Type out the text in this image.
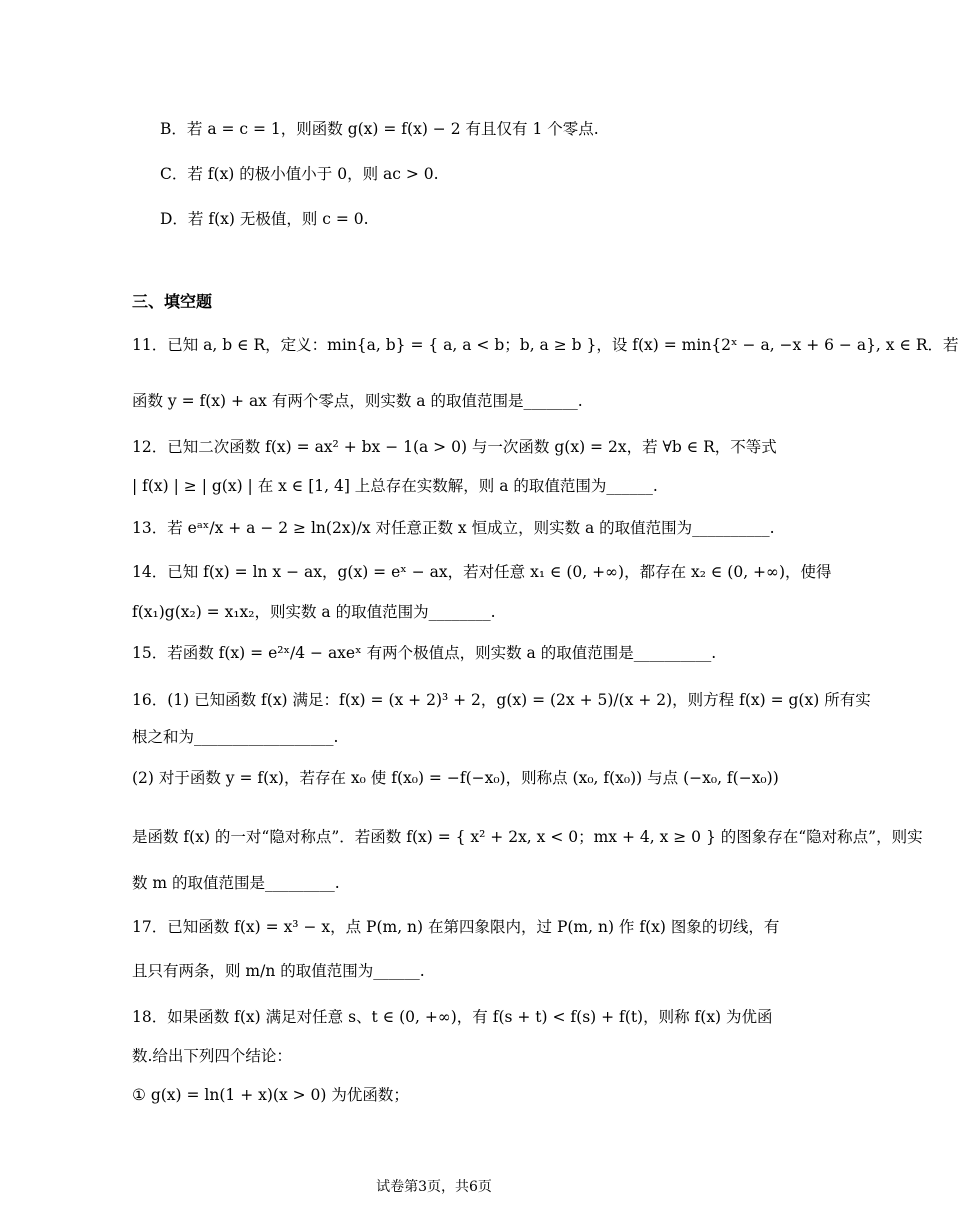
B．若 a = c = 1，则函数 g(x) = f(x) − 2 有且仅有 1 个零点.
C．若 f(x) 的极小值小于 0，则 ac > 0.
D．若 f(x) 无极值，则 c = 0.
三、填空题
11．已知 a, b ∈ R，定义：min{a, b} = { a, a < b；b, a ≥ b }，设 f(x) = min{2ˣ − a, −x + 6 − a}, x ∈ R．若
函数 y = f(x) + ax 有两个零点，则实数 a 的取值范围是_______.
12．已知二次函数 f(x) = ax² + bx − 1(a > 0) 与一次函数 g(x) = 2x，若 ∀b ∈ R，不等式
| f(x) | ≥ | g(x) | 在 x ∈ [1, 4] 上总存在实数解，则 a 的取值范围为______.
13．若 eᵃˣ/x + a − 2 ≥ ln(2x)/x 对任意正数 x 恒成立，则实数 a 的取值范围为__________.
14．已知 f(x) = ln x − ax，g(x) = eˣ − ax，若对任意 x₁ ∈ (0, +∞)，都存在 x₂ ∈ (0, +∞)，使得
f(x₁)g(x₂) = x₁x₂，则实数 a 的取值范围为________.
15．若函数 f(x) = e²ˣ/4 − axeˣ 有两个极值点，则实数 a 的取值范围是__________.
16．(1) 已知函数 f(x) 满足：f(x) = (x + 2)³ + 2，g(x) = (2x + 5)/(x + 2)，则方程 f(x) = g(x) 所有实
根之和为__________________.
(2) 对于函数 y = f(x)，若存在 x₀ 使 f(x₀) = −f(−x₀)，则称点 (x₀, f(x₀)) 与点 (−x₀, f(−x₀))
是函数 f(x) 的一对“隐对称点”．若函数 f(x) = { x² + 2x, x < 0；mx + 4, x ≥ 0 } 的图象存在“隐对称点”，则实
数 m 的取值范围是_________.
17．已知函数 f(x) = x³ − x，点 P(m, n) 在第四象限内，过 P(m, n) 作 f(x) 图象的切线，有
且只有两条，则 m/n 的取值范围为______.
18．如果函数 f(x) 满足对任意 s、t ∈ (0, +∞)，有 f(s + t) < f(s) + f(t)，则称 f(x) 为优函
数.给出下列四个结论：
① g(x) = ln(1 + x)(x > 0) 为优函数；
试卷第3页，共6页
